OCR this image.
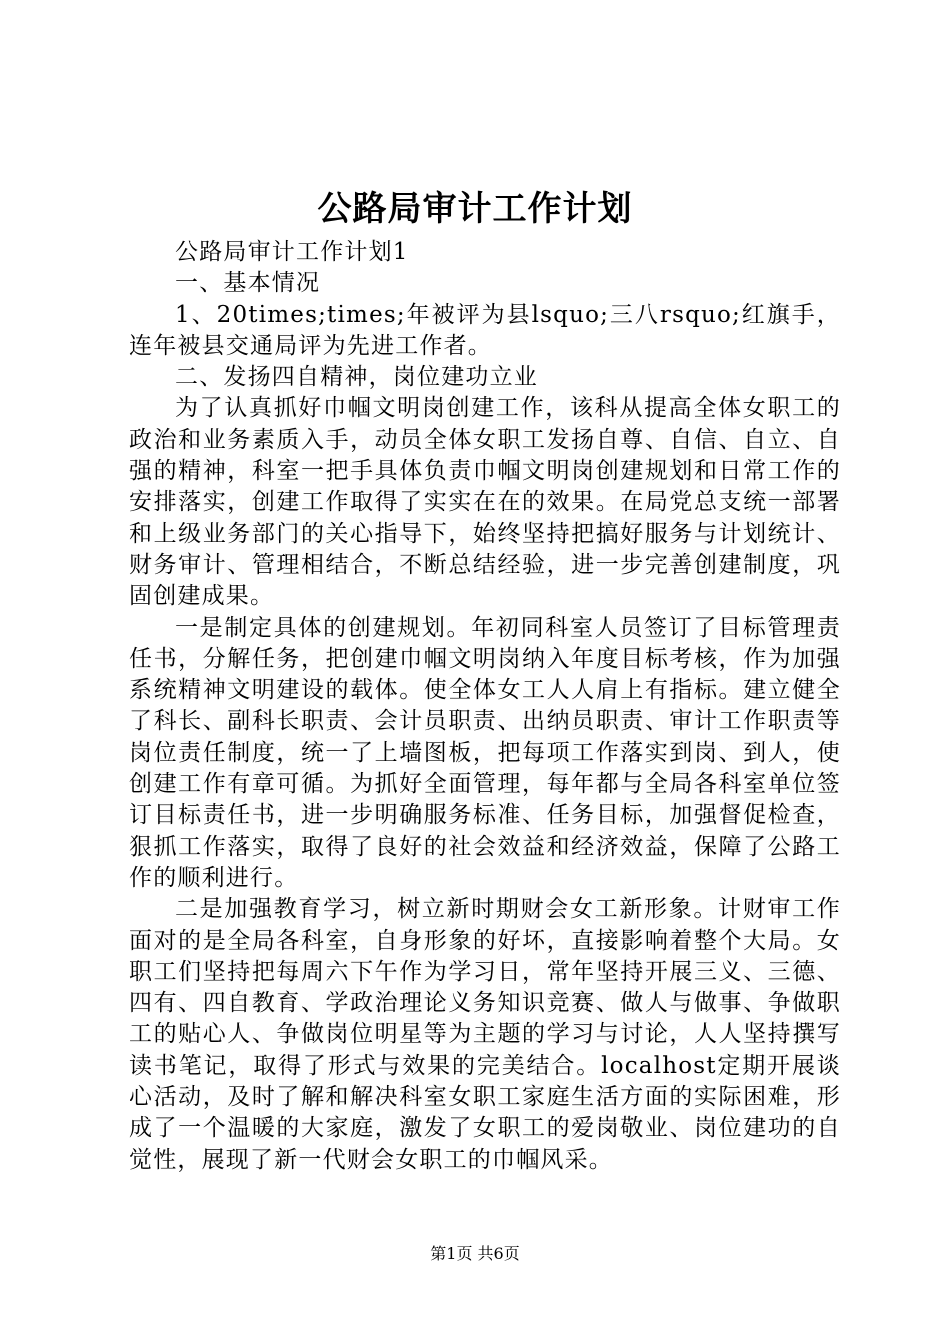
公路局审计工作计划

公路局审计工作计划1

一、基本情况

1、20times;times;年被评为县lsquo;三八rsquo;红旗手，连年被县交通局评为先进工作者。

二、发扬四自精神，岗位建功立业

为了认真抓好巾帼文明岗创建工作，该科从提高全体女职工的政治和业务素质入手，动员全体女职工发扬自尊、自信、自立、自强的精神，科室一把手具体负责巾帼文明岗创建规划和日常工作的安排落实，创建工作取得了实实在在的效果。在局党总支统一部署和上级业务部门的关心指导下，始终坚持把搞好服务与计划统计、财务审计、管理相结合，不断总结经验，进一步完善创建制度，巩固创建成果。

一是制定具体的创建规划。年初同科室人员签订了目标管理责任书，分解任务，把创建巾帼文明岗纳入年度目标考核，作为加强系统精神文明建设的载体。使全体女工人人肩上有指标。建立健全了科长、副科长职责、会计员职责、出纳员职责、审计工作职责等岗位责任制度，统一了上墙图板，把每项工作落实到岗、到人，使创建工作有章可循。为抓好全面管理，每年都与全局各科室单位签订目标责任书，进一步明确服务标准、任务目标，加强督促检查，狠抓工作落实，取得了良好的社会效益和经济效益，保障了公路工作的顺利进行。

二是加强教育学习，树立新时期财会女工新形象。计财审工作面对的是全局各科室，自身形象的好坏，直接影响着整个大局。女职工们坚持把每周六下午作为学习日，常年坚持开展三义、三德、四有、四自教育、学政治理论义务知识竞赛、做人与做事、争做职工的贴心人、争做岗位明星等为主题的学习与讨论，人人坚持撰写读书笔记，取得了形式与效果的完美结合。localhost定期开展谈心活动，及时了解和解决科室女职工家庭生活方面的实际困难，形成了一个温暖的大家庭，激发了女职工的爱岗敬业、岗位建功的自觉性，展现了新一代财会女职工的巾帼风采。

第1页 共6页
